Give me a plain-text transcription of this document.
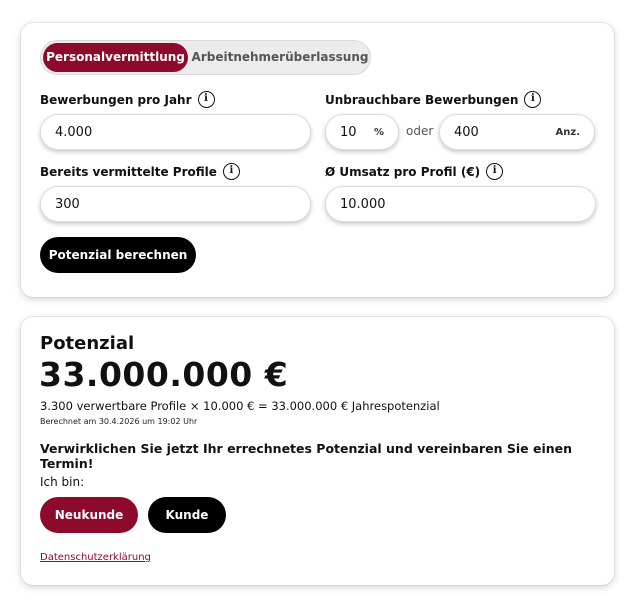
Personalvermittlung Arbeitnehmerüberlassung
Bewerbungen pro Jahr	i
4.000
Unbrauchbare Bewerbungen	i
10 % oder 400	Anz.
Bereits vermittelte Profile	i
300
Ø Umsatz pro Profil (€)	i
10.000
Potenzial berechnen
Potenzial
33.000.000 €
3.300 verwertbare Profile × 10.000 € = 33.000.000 € Jahrespotenzial
Berechnet am 30.4.2026 um 19:02 Uhr
Verwirklichen Sie jetzt Ihr errechnetes Potenzial und vereinbaren Sie einen Termin!
Ich bin:
Neukunde	Kunde
Datenschutzerklärung
